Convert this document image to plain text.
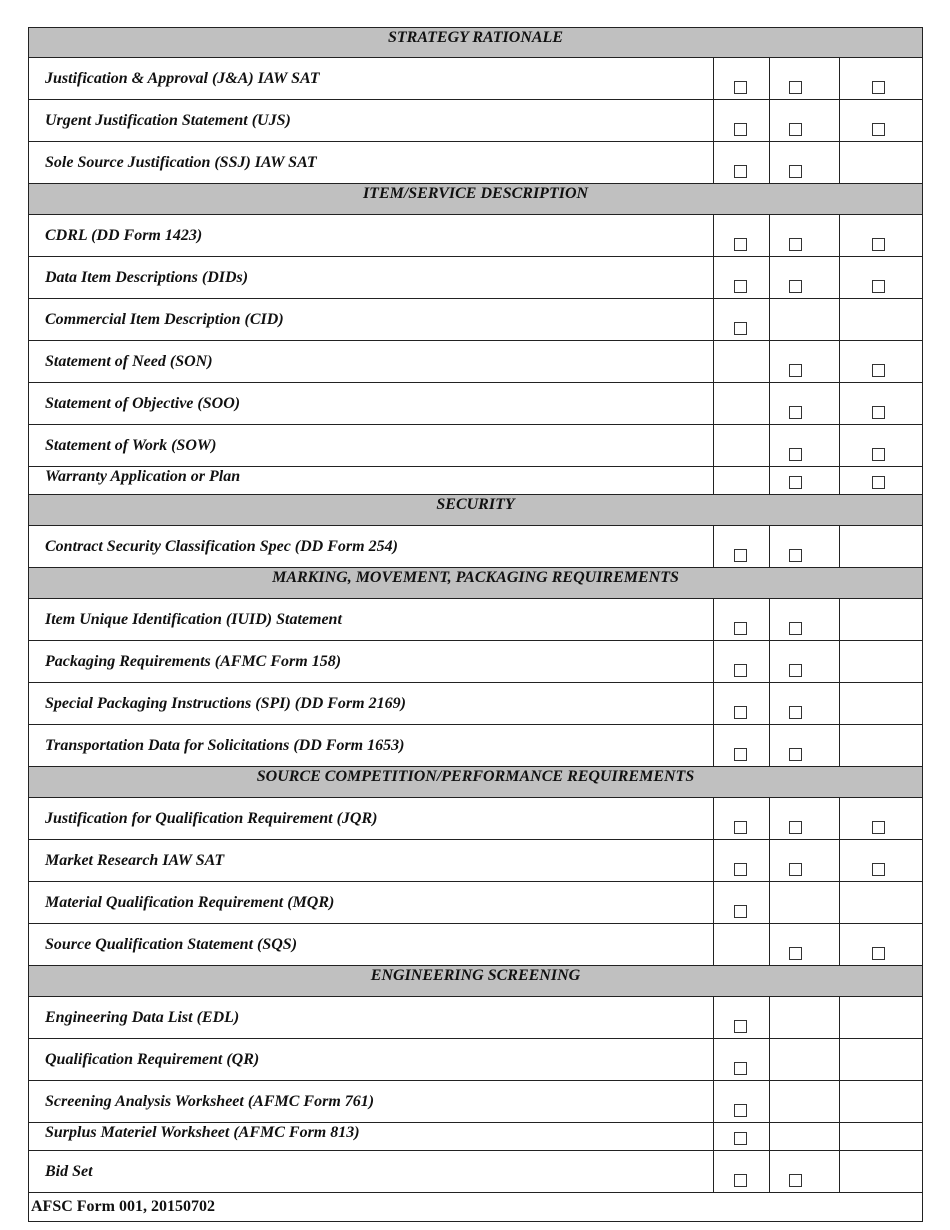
STRATEGY RATIONALE
Justification & Approval (J&A) IAW SAT
Urgent Justification Statement (UJS)
Sole Source Justification (SSJ) IAW SAT
ITEM/SERVICE DESCRIPTION
CDRL (DD Form 1423)
Data Item Descriptions (DIDs)
Commercial Item Description (CID)
Statement of Need (SON)
Statement of Objective (SOO)
Statement of Work (SOW)
Warranty Application or Plan
SECURITY
Contract Security Classification Spec (DD Form 254)
MARKING, MOVEMENT, PACKAGING REQUIREMENTS
Item Unique Identification (IUID) Statement
Packaging Requirements (AFMC Form 158)
Special Packaging Instructions (SPI) (DD Form 2169)
Transportation Data for Solicitations (DD Form 1653)
SOURCE COMPETITION/PERFORMANCE REQUIREMENTS
Justification for Qualification Requirement (JQR)
Market Research IAW SAT
Material Qualification Requirement (MQR)
Source Qualification Statement (SQS)
ENGINEERING SCREENING
Engineering Data List (EDL)
Qualification Requirement (QR)
Screening Analysis Worksheet (AFMC Form 761)
Surplus Materiel Worksheet (AFMC Form 813)
Bid Set
AFSC Form 001, 20150702
